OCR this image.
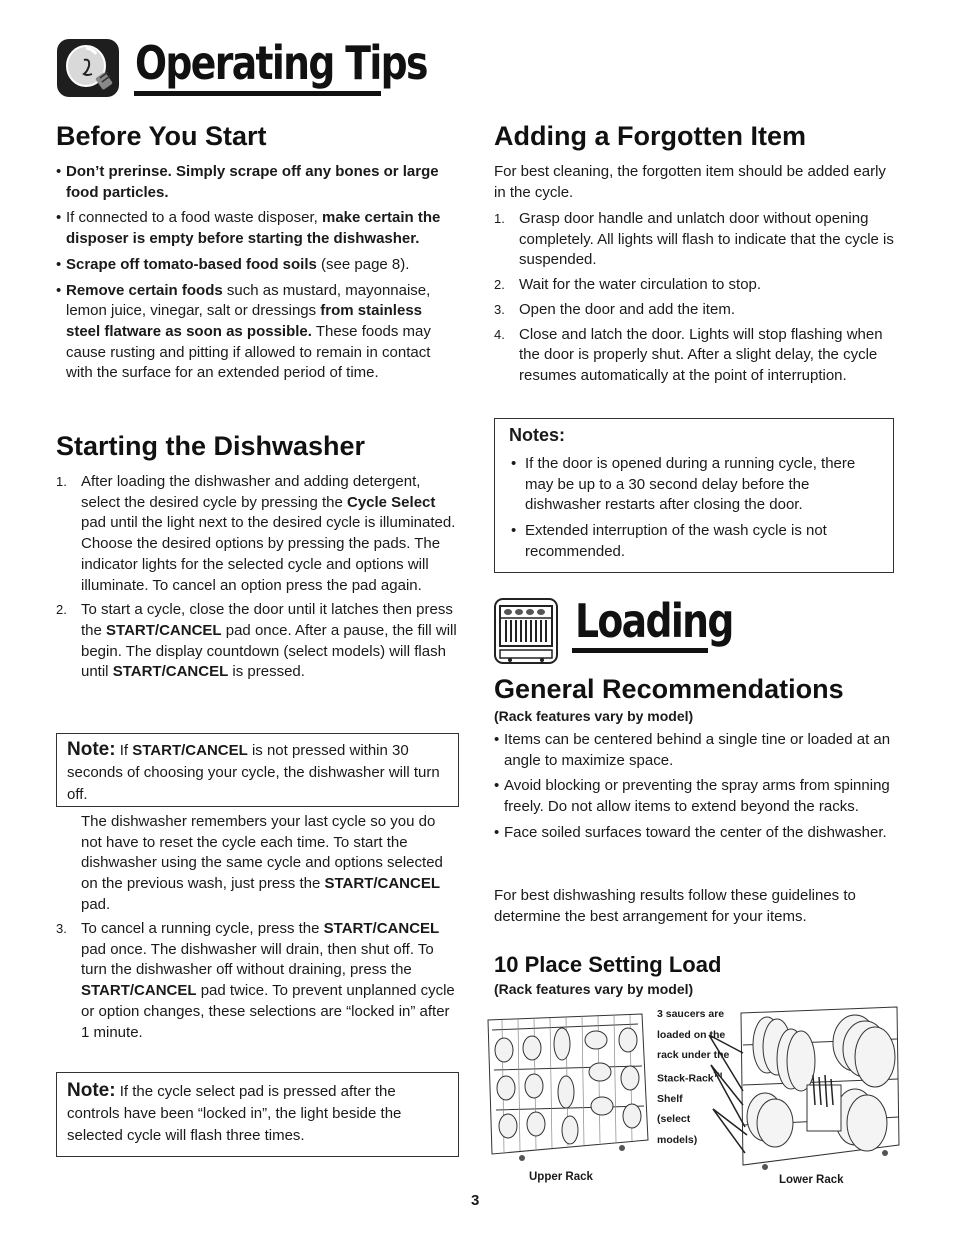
Operating Tips
Before You Start
• Don’t prerinse. Simply scrape off any bones or large food particles.
• If connected to a food waste disposer, make certain the disposer is empty before starting the dishwasher.
• Scrape off tomato-based food soils (see page 8).
• Remove certain foods such as mustard, mayonnaise, lemon juice, vinegar, salt or dressings from stainless steel flatware as soon as possible. These foods may cause rusting and pitting if allowed to remain in contact with the surface for an extended period of time.
Starting the Dishwasher
1. After loading the dishwasher and adding detergent, select the desired cycle by pressing the Cycle Select pad until the light next to the desired cycle is illuminated. Choose the desired options by pressing the pads. The indicator lights for the selected cycle and options will illuminate. To cancel an option press the pad again.
2. To start a cycle, close the door until it latches then press the START/CANCEL pad once. After a pause, the fill will begin. The display countdown (select models) will flash until START/CANCEL is pressed.
Note: If START/CANCEL is not pressed within 30 seconds of choosing your cycle, the dishwasher will turn off.
The dishwasher remembers your last cycle so you do not have to reset the cycle each time. To start the dishwasher using the same cycle and options selected on the previous wash, just press the START/CANCEL pad.
3. To cancel a running cycle, press the START/CANCEL pad once. The dishwasher will drain, then shut off. To turn the dishwasher off without draining, press the START/CANCEL pad twice. To prevent unplanned cycle or option changes, these selections are “locked in” after 1 minute.
Note: If the cycle select pad is pressed after the controls have been “locked in”, the light beside the selected cycle will flash three times.
Adding a Forgotten Item
For best cleaning, the forgotten item should be added early in the cycle.
1. Grasp door handle and unlatch door without opening completely. All lights will flash to indicate that the cycle is suspended.
2. Wait for the water circulation to stop.
3. Open the door and add the item.
4. Close and latch the door. Lights will stop flashing when the door is properly shut. After a slight delay, the cycle resumes automatically at the point of interruption.
Notes:
• If the door is opened during a running cycle, there may be up to a 30 second delay before the dishwasher restarts after closing the door.
• Extended interruption of the wash cycle is not recommended.
Loading
General Recommendations
(Rack features vary by model)
• Items can be centered behind a single tine or loaded at an angle to maximize space.
• Avoid blocking or preventing the spray arms from spinning freely. Do not allow items to extend beyond the racks.
• Face soiled surfaces toward the center of the dishwasher.
For best dishwashing results follow these guidelines to determine the best arrangement for your items.
10 Place Setting Load
(Rack features vary by model)
Upper Rack
3 saucers are
loaded on the
rack under the
Stack-Rack™
Shelf
(select
models)
Lower Rack
3
